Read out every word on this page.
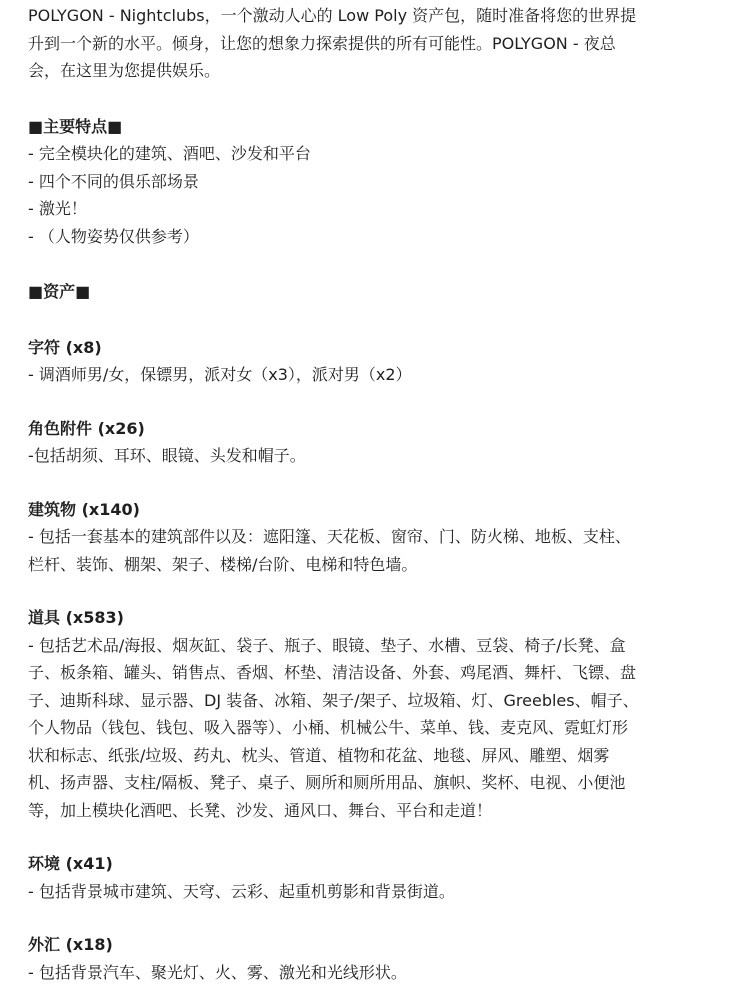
POLYGON - Nightclubs，一个激动人心的 Low Poly 资产包，随时准备将您的世界提
升到一个新的水平。倾身，让您的想象力探索提供的所有可能性。POLYGON - 夜总
会，在这里为您提供娱乐。
■主要特点■
- 完全模块化的建筑、酒吧、沙发和平台
- 四个不同的俱乐部场景
- 激光！
- （人物姿势仅供参考）
■资产■
字符 (x8)
- 调酒师男/女，保镖男，派对女（x3），派对男（x2）
角色附件 (x26)
-包括胡须、耳环、眼镜、头发和帽子。
建筑物 (x140)
- 包括一套基本的建筑部件以及：遮阳篷、天花板、窗帘、门、防火梯、地板、支柱、
栏杆、装饰、棚架、架子、楼梯/台阶、电梯和特色墙。
道具 (x583)
- 包括艺术品/海报、烟灰缸、袋子、瓶子、眼镜、垫子、水槽、豆袋、椅子/长凳、盒
子、板条箱、罐头、销售点、香烟、杯垫、清洁设备、外套、鸡尾酒、舞杆、飞镖、盘
子、迪斯科球、显示器、DJ 装备、冰箱、架子/架子、垃圾箱、灯、Greebles、帽子、
个人物品（钱包、钱包、吸入器等）、小桶、机械公牛、菜单、钱、麦克风、霓虹灯形
状和标志、纸张/垃圾、药丸、枕头、管道、植物和花盆、地毯、屏风、雕塑、烟雾
机、扬声器、支柱/隔板、凳子、桌子、厕所和厕所用品、旗帜、奖杯、电视、小便池
等，加上模块化酒吧、长凳、沙发、通风口、舞台、平台和走道！
环境 (x41)
- 包括背景城市建筑、天穹、云彩、起重机剪影和背景街道。
外汇 (x18)
- 包括背景汽车、聚光灯、火、雾、激光和光线形状。
